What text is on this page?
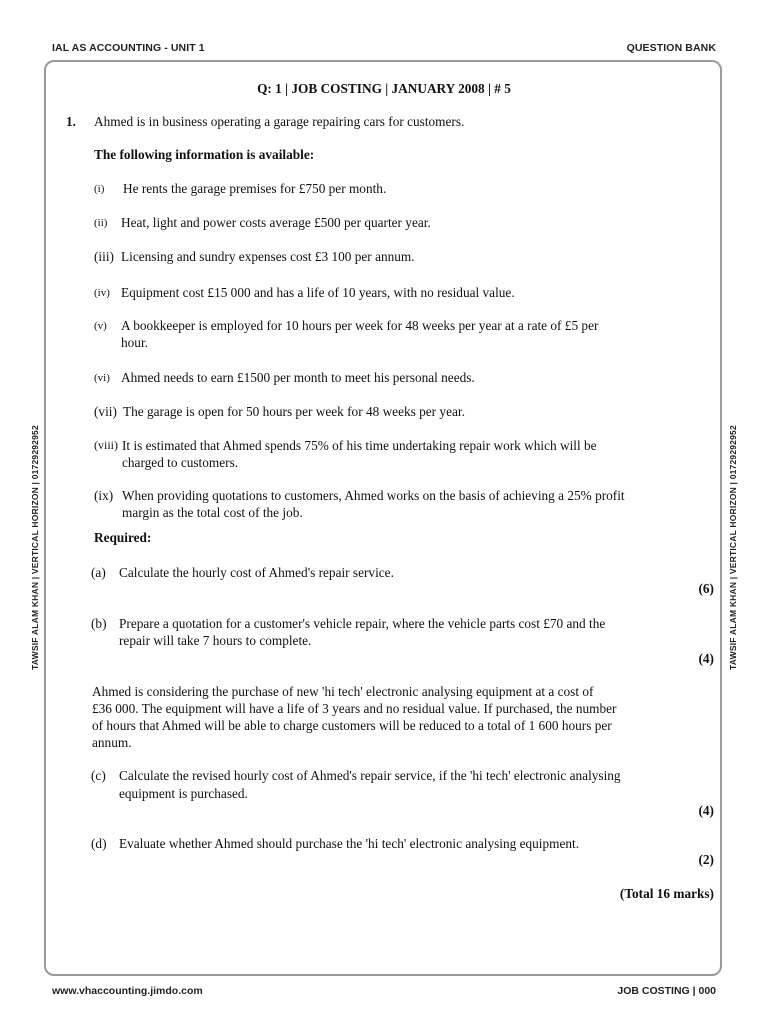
IAL AS ACCOUNTING - UNIT 1	QUESTION BANK
TAWSIF ALAM KHAN | VERTICAL HORIZON | 01729292952	TAWSIF ALAM KHAN | VERTICAL HORIZON | 01729292952
Q: 1 | JOB COSTING | JANUARY 2008 | # 5
1. Ahmed is in business operating a garage repairing cars for customers.
The following information is available:
(i) He rents the garage premises for £750 per month.
(ii) Heat, light and power costs average £500 per quarter year.
(iii) Licensing and sundry expenses cost £3 100 per annum.
(iv) Equipment cost £15 000 and has a life of 10 years, with no residual value.
(v) A bookkeeper is employed for 10 hours per week for 48 weeks per year at a rate of £5 per
hour.
(vi) Ahmed needs to earn £1500 per month to meet his personal needs.
(vii) The garage is open for 50 hours per week for 48 weeks per year.
(viii) It is estimated that Ahmed spends 75% of his time undertaking repair work which will be
charged to customers.
(ix) When providing quotations to customers, Ahmed works on the basis of achieving a 25% profit
margin as the total cost of the job.
Required:
(a) Calculate the hourly cost of Ahmed's repair service.
(6)
(b) Prepare a quotation for a customer's vehicle repair, where the vehicle parts cost £70 and the
repair will take 7 hours to complete.
(4)
Ahmed is considering the purchase of new 'hi tech' electronic analysing equipment at a cost of
£36 000. The equipment will have a life of 3 years and no residual value. If purchased, the number
of hours that Ahmed will be able to charge customers will be reduced to a total of 1 600 hours per
annum.
(c) Calculate the revised hourly cost of Ahmed's repair service, if the 'hi tech' electronic analysing
equipment is purchased.
(4)
(d) Evaluate whether Ahmed should purchase the 'hi tech' electronic analysing equipment.
(2)
(Total 16 marks)
www.vhaccounting.jimdo.com	JOB COSTING | 000
